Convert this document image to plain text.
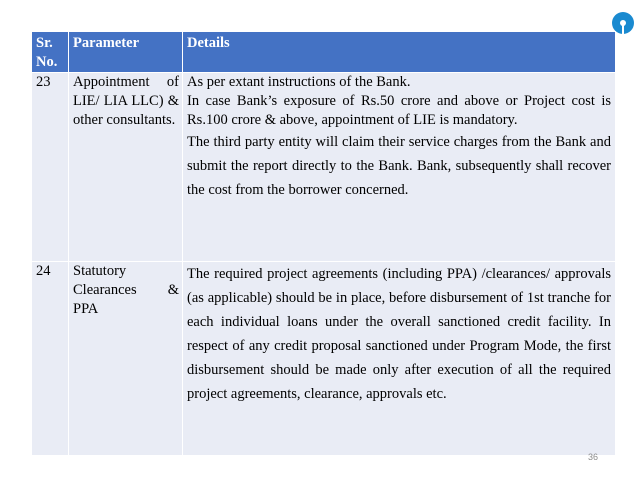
Sr. No.	Parameter	Details
23	Appointment of LIE/ LIA LLC) & other consultants.	As per extant instructions of the Bank.
In case Bank’s exposure of Rs.50 crore and above or Project cost is Rs.100 crore & above, appointment of LIE is mandatory.
The third party entity will claim their service charges from the Bank and submit the report directly to the Bank. Bank, subsequently shall recover the cost from the borrower concerned.

24	Statutory Clearances & PPA	The required project agreements (including PPA) /clearances/ approvals (as applicable) should be in place, before disbursement of 1st tranche for each individual loans under the overall sanctioned credit facility. In respect of any credit proposal sanctioned under Program Mode, the first disbursement should be made only after execution of all the required project agreements, clearance, approvals etc.
36
